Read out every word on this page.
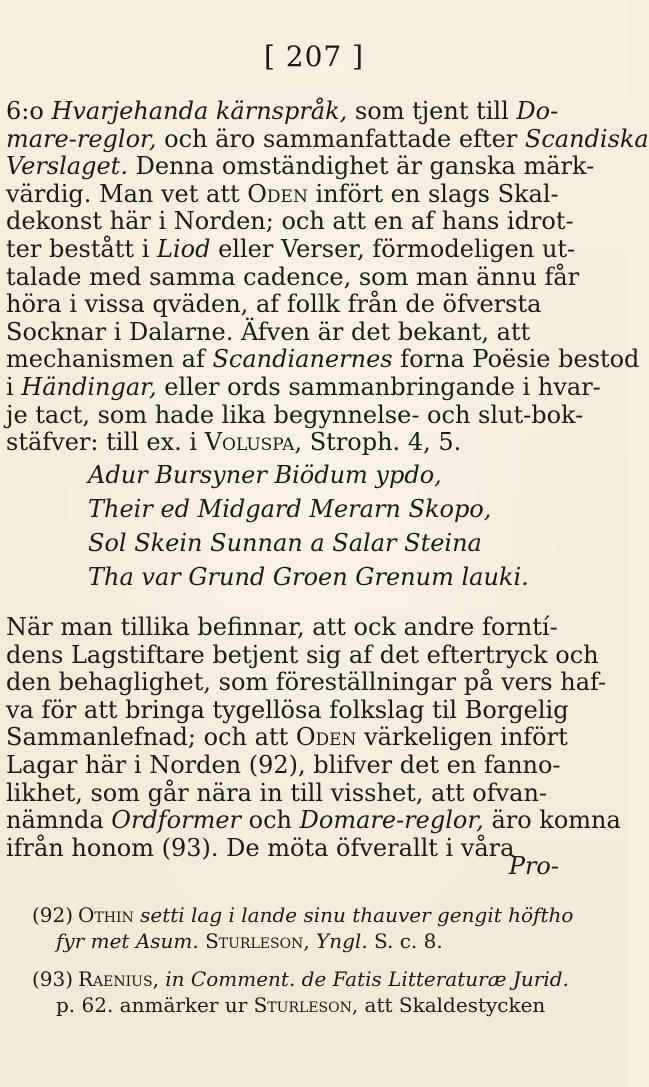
[ 207 ]
6:o Hvarjehanda kärnspråk, som tjent till Do-
mare-reglor, och äro sammanfattade efter Scandiska
Verslaget. Denna omständighet är ganska märk-
värdig. Man vet att Oden infört en slags Skal-
dekonst här i Norden; och att en af hans idrot-
ter bestått i Liod eller Verser, förmodeligen ut-
talade med samma cadence, som man ännu får
höra i vissa qväden, af follk från de öfversta
Socknar i Dalarne. Äfven är det bekant, att
mechanismen af Scandianernes forna Poësie bestod
i Händingar, eller ords sammanbringande i hvar-
je tact, som hade lika begynnelse- och slut-bok-
stäfver: till ex. i Voluspa, Stroph. 4, 5.
Adur Bursyner Biödum ypdo,
Their ed Midgard Merarn Skopo,
Sol Skein Sunnan a Salar Steina
Tha var Grund Groen Grenum lauki.
När man tillika befinnar, att ock andre forntí-
dens Lagstiftare betjent sig af det eftertryck och
den behaglighet, som föreställningar på vers haf-
va för att bringa tygellösa folkslag til Borgelig
Sammanlefnad; och att Oden värkeligen infört
Lagar här i Norden (92), blifver det en fanno-
likhet, som går nära in till visshet, att ofvan-
nämnda Ordformer och Domare-reglor, äro komna
ifrån honom (93). De möta öfverallt i våra
Pro-
(92) Othin setti lag i lande sinu thauver gengit höftho
fyr met Asum. Sturleson, Yngl. S. c. 8.
(93) Raenius, in Comment. de Fatis Litteraturæ Jurid.
p. 62. anmärker ur Sturleson, att Skaldestycken
